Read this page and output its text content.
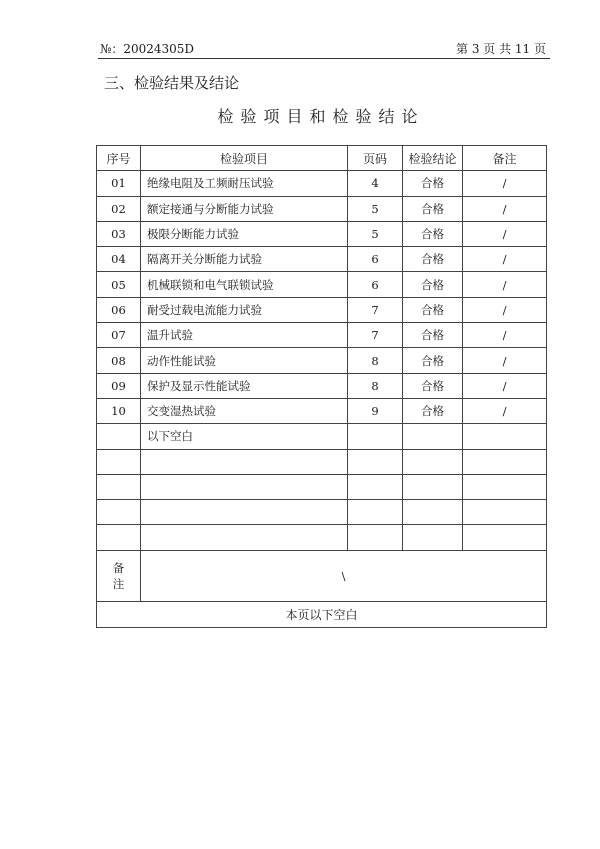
№：20024305D	第 3 页 共 11 页
三、检验结果及结论
检验项目和检验结论
序号	检验项目	页码	检验结论	备注
01	绝缘电阻及工频耐压试验	4	合格	/
02	额定接通与分断能力试验	5	合格	/
03	极限分断能力试验	5	合格	/
04	隔离开关分断能力试验	6	合格	/
05	机械联锁和电气联锁试验	6	合格	/
06	耐受过载电流能力试验	7	合格	/
07	温升试验	7	合格	/
08	动作性能试验	8	合格	/
09	保护及显示性能试验	8	合格	/
10	交变湿热试验	9	合格	/
	以下空白			

备注	\			
本页以下空白				
